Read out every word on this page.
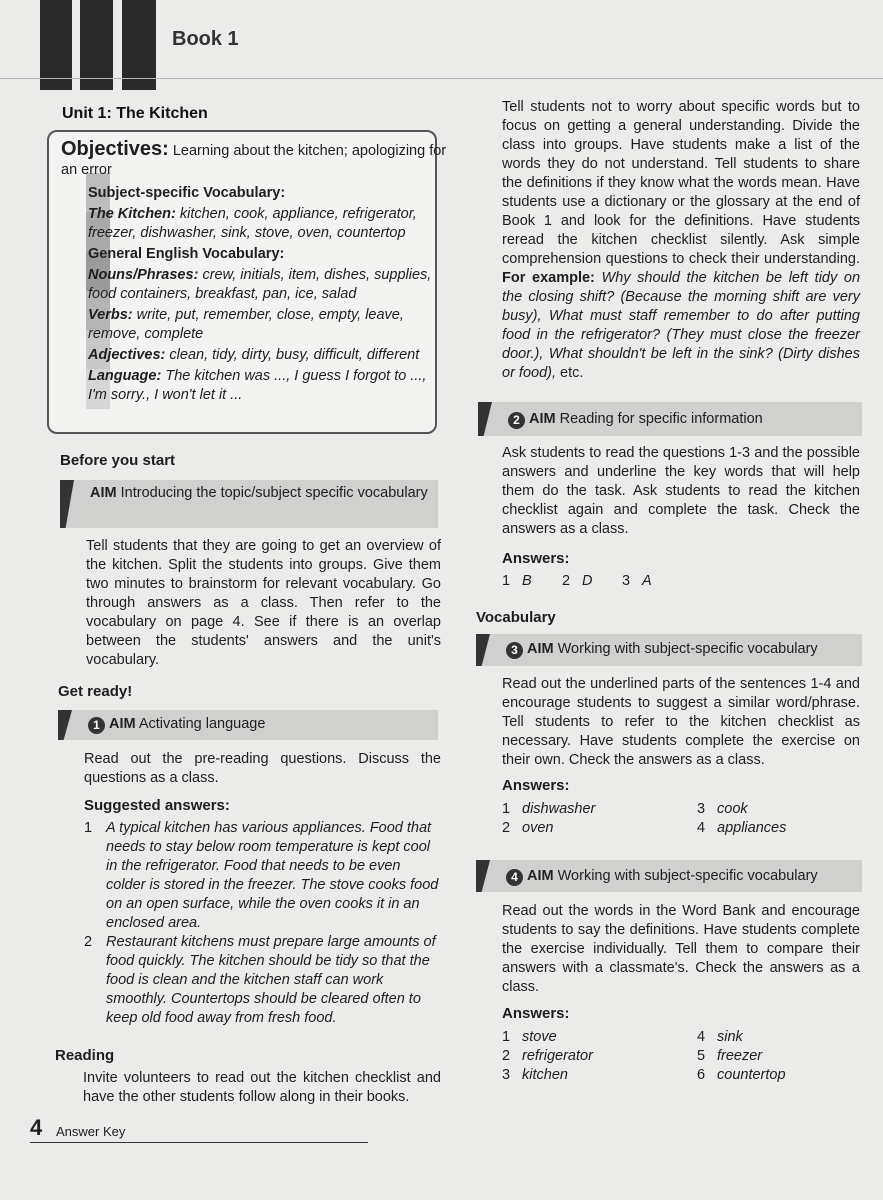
Book 1
Unit 1: The Kitchen

Objectives: Learning about the kitchen; apologizing for an error

Subject-specific Vocabulary:

The Kitchen: kitchen, cook, appliance, refrigerator, freezer, dishwasher, sink, stove, oven, countertop

General English Vocabulary:

Nouns/Phrases: crew, initials, item, dishes, supplies, food containers, breakfast, pan, ice, salad

Verbs: write, put, remember, close, empty, leave, remove, complete

Adjectives: clean, tidy, dirty, busy, difficult, different

Language: The kitchen was ..., I guess I forgot to ..., I'm sorry., I won't let it ...

Before you start
AIM Introducing the topic/subject specific vocabulary
Tell students that they are going to get an overview of the kitchen. Split the students into groups. Give them two minutes to brainstorm for relevant vocabulary. Go through answers as a class. Then refer to the vocabulary on page 4. See if there is an overlap between the students' answers and the unit's vocabulary.
Get ready!
1 AIM Activating language
Read out the pre-reading questions. Discuss the questions as a class.
Suggested answers:
1 A typical kitchen has various appliances. Food that needs to stay below room temperature is kept cool in the refrigerator. Food that needs to be even colder is stored in the freezer. The stove cooks food on an open surface, while the oven cooks it in an enclosed area.
2 Restaurant kitchens must prepare large amounts of food quickly. The kitchen should be tidy so that the food is clean and the kitchen staff can work smoothly. Countertops should be cleared often to keep old food away from fresh food.
Reading
Invite volunteers to read out the kitchen checklist and have the other students follow along in their books.
Tell students not to worry about specific words but to focus on getting a general understanding. Divide the class into groups. Have students make a list of the words they do not understand. Tell students to share the definitions if they know what the words mean. Have students use a dictionary or the glossary at the end of Book 1 and look for the definitions. Have students reread the kitchen checklist silently. Ask simple comprehension questions to check their understanding. For example: Why should the kitchen be left tidy on the closing shift? (Because the morning shift are very busy), What must staff remember to do after putting food in the refrigerator? (They must close the freezer door.), What shouldn't be left in the sink? (Dirty dishes or food), etc.
2 AIM Reading for specific information
Ask students to read the questions 1-3 and the possible answers and underline the key words that will help them do the task. Ask students to read the kitchen checklist again and complete the task. Check the answers as a class.
Answers:
1 B	2 D	3 A
Vocabulary
3 AIM Working with subject-specific vocabulary
Read out the underlined parts of the sentences 1-4 and encourage students to suggest a similar word/phrase. Tell students to refer to the kitchen checklist as necessary. Have students complete the exercise on their own. Check the answers as a class.
Answers:
1 dishwasher	3 cook
2 oven	4 appliances
4 AIM Working with subject-specific vocabulary
Read out the words in the Word Bank and encourage students to say the definitions. Have students complete the exercise individually. Tell them to compare their answers with a classmate's. Check the answers as a class.
Answers:
1 stove	4 sink
2 refrigerator	5 freezer
3 kitchen	6 countertop
4 Answer Key
